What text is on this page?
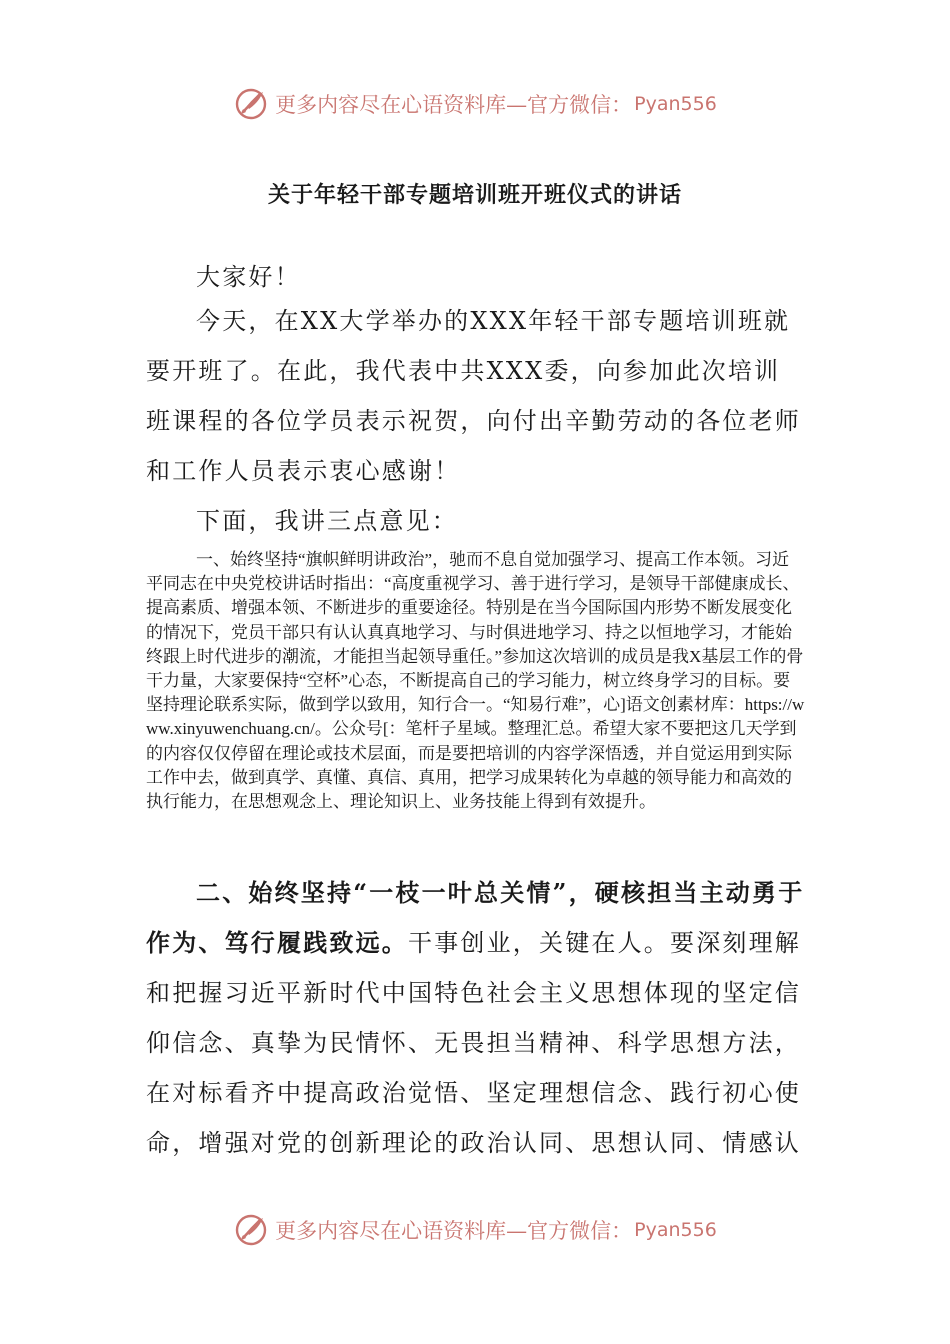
更多内容尽在心语资料库—官方微信： Pyan556
关于年轻干部专题培训班开班仪式的讲话

大家好！

今天，在XX大学举办的XXX年轻干部专题培训班就要开班了。在此，我代表中共XXX委，向参加此次培训班课程的各位学员表示祝贺，向付出辛勤劳动的各位老师和工作人员表示衷心感谢！

下面，我讲三点意见：

一、始终坚持“旗帜鲜明讲政治”，驰而不息自觉加强学习、提高工作本领。习近平同志在中央党校讲话时指出：“高度重视学习、善于进行学习，是领导干部健康成长、提高素质、增强本领、不断进步的重要途径。特别是在当今国际国内形势不断发展变化的情况下，党员干部只有认认真真地学习、与时俱进地学习、持之以恒地学习，才能始终跟上时代进步的潮流，才能担当起领导重任。”参加这次培训的成员是我X基层工作的骨干力量，大家要保持“空杯”心态，不断提高自己的学习能力，树立终身学习的目标。要坚持理论联系实际，做到学以致用，知行合一。“知易行难”，心]语文创素材库：https://www.xinyuwenchuang.cn/。公众号[：笔杆子星域。整理汇总。希望大家不要把这几天学到的内容仅仅停留在理论或技术层面，而是要把培训的内容学深悟透，并自觉运用到实际工作中去，做到真学、真懂、真信、真用，把学习成果转化为卓越的领导能力和高效的执行能力，在思想观念上、理论知识上、业务技能上得到有效提升。

二、始终坚持“一枝一叶总关情”，硬核担当主动勇于作为、笃行履践致远。干事创业，关键在人。要深刻理解和把握习近平新时代中国特色社会主义思想体现的坚定信仰信念、真挚为民情怀、无畏担当精神、科学思想方法，在对标看齐中提高政治觉悟、坚定理想信念、践行初心使命，增强对党的创新理论的政治认同、思想认同、情感认

更多内容尽在心语资料库—官方微信： Pyan556
